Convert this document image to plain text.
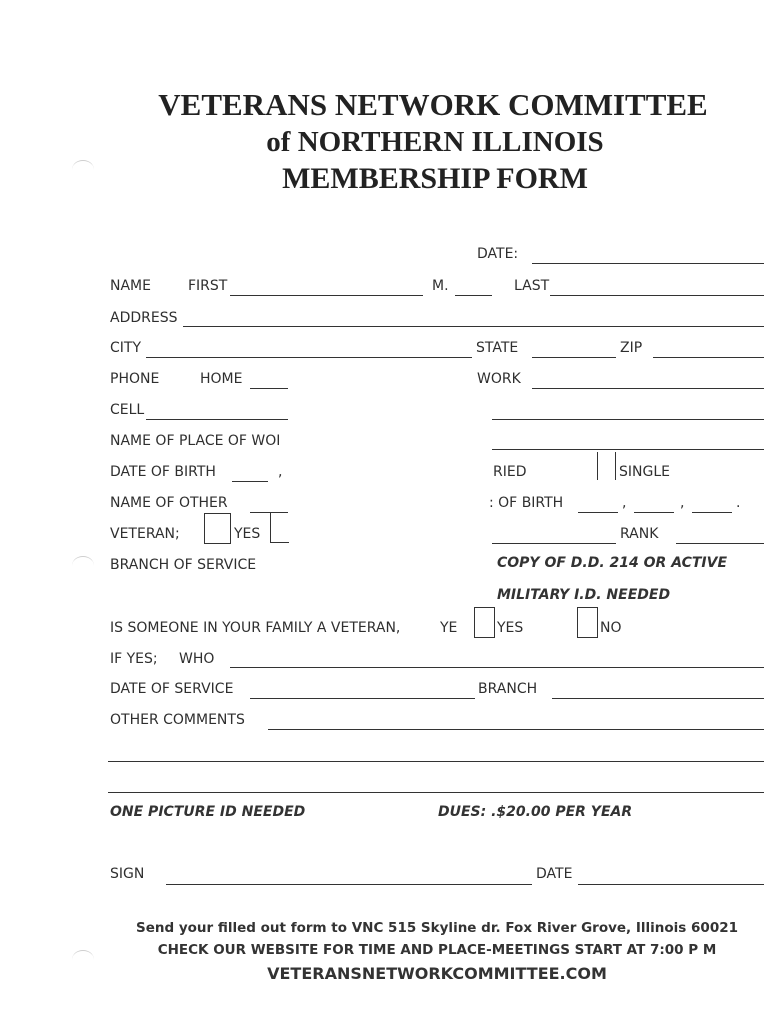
VETERANS NETWORK COMMITTEE
of NORTHERN ILLINOIS
MEMBERSHIP FORM
DATE:
NAME	FIRST	M.	LAST
ADDRESS
CITY	STATE	ZIP
PHONE	HOME	WORK
CELL
NAME OF PLACE OF WOI
DATE OF BIRTH	,	RIED	SINGLE
NAME OF OTHER	: OF BIRTH	,	,	.
VETERAN;	YES	RANK
BRANCH OF SERVICE	COPY OF D.D. 214 OR ACTIVE
MILITARY I.D. NEEDED
IS SOMEONE IN YOUR FAMILY A VETERAN,	YE	YES	NO
IF YES; WHO
DATE OF SERVICE	BRANCH
OTHER COMMENTS
ONE PICTURE ID NEEDED	DUES: .$20.00 PER YEAR
SIGN	DATE
Send your filled out form to VNC 515 Skyline dr. Fox River Grove, Illinois 60021
CHECK OUR WEBSITE FOR TIME AND PLACE-MEETINGS START AT 7:00 P M
VETERANSNETWORKCOMMITTEE.COM
